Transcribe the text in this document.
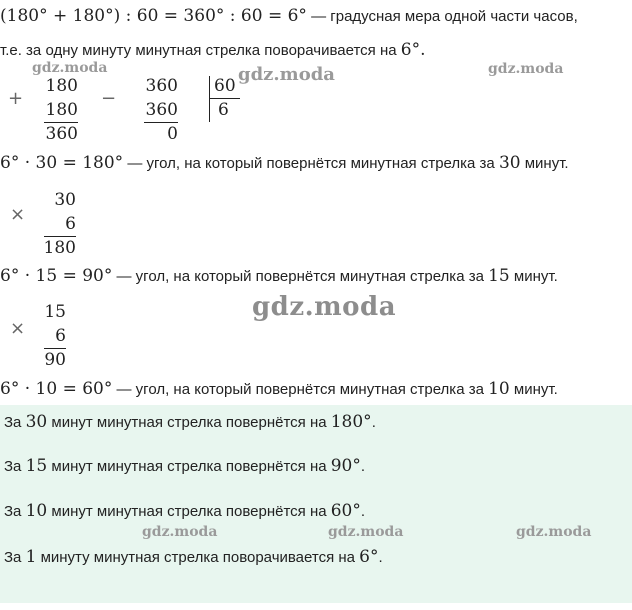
(180° + 180°) : 60 = 360° : 60 = 6° — градусная мера одной части часов,
т.е. за одну минуту минутная стрелка поворачивается на 6°.
+
180
180
360
−
360
360
0
60
6
6° · 30 = 180° — угол, на который повернётся минутная стрелка за 30 минут.
×
30
6
180
6° · 15 = 90° — угол, на который повернётся минутная стрелка за 15 минут.
×
15
6
90
6° · 10 = 60° — угол, на который повернётся минутная стрелка за 10 минут.
За 30 минут минутная стрелка повернётся на 180°.
За 15 минут минутная стрелка повернётся на 90°.
За 10 минут минутная стрелка повернётся на 60°.
За 1 минуту минутная стрелка поворачивается на 6°.
gdz.moda	gdz.moda	gdz.moda
gdz.moda
gdz.moda	gdz.moda	gdz.moda
